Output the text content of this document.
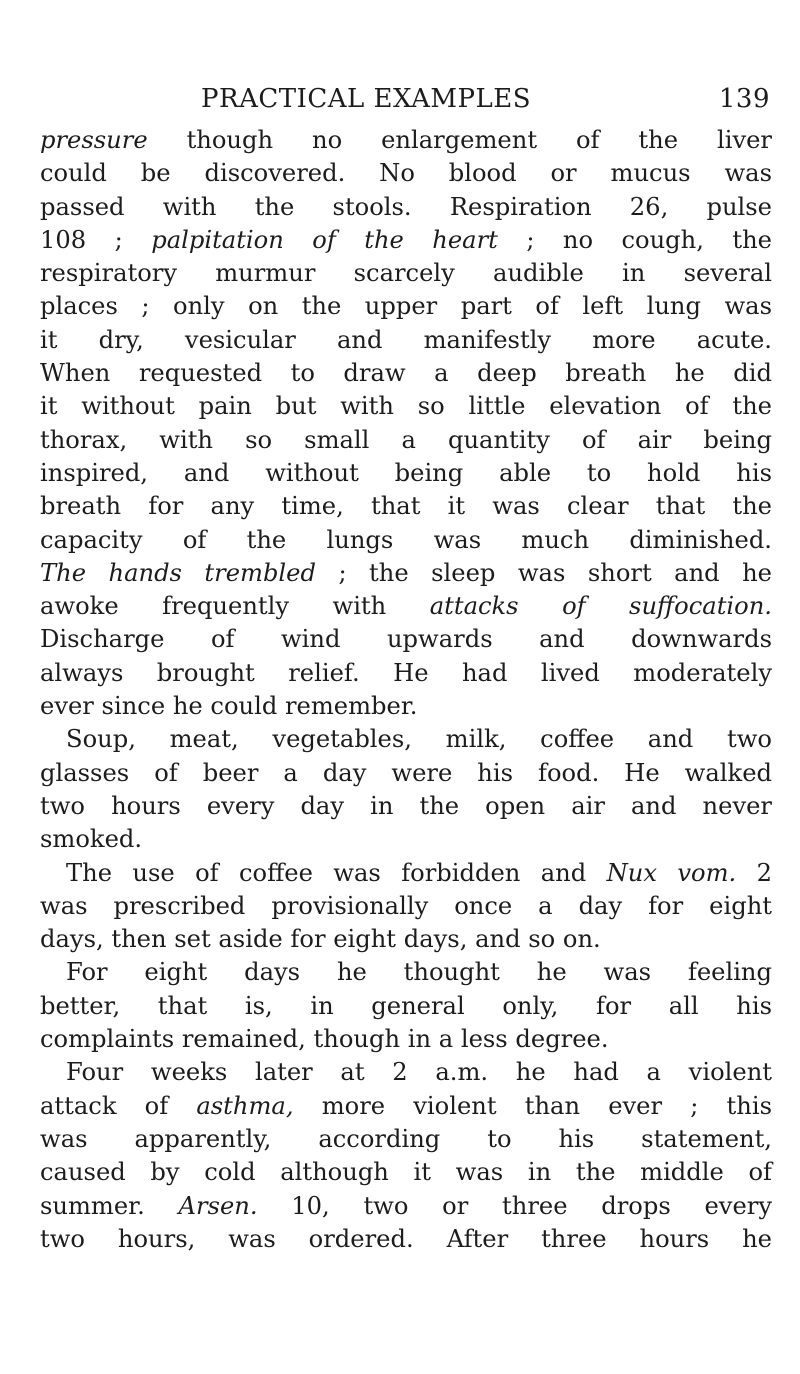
PRACTICAL EXAMPLES	139
pressure though no enlargement of the liver
could be discovered. No blood or mucus was
passed with the stools. Respiration 26, pulse
108 ; palpitation of the heart ; no cough, the
respiratory murmur scarcely audible in several
places ; only on the upper part of left lung was
it dry, vesicular and manifestly more acute.
When requested to draw a deep breath he did
it without pain but with so little elevation of the
thorax, with so small a quantity of air being
inspired, and without being able to hold his
breath for any time, that it was clear that the
capacity of the lungs was much diminished.
The hands trembled ; the sleep was short and he
awoke frequently with attacks of suffocation.
Discharge of wind upwards and downwards
always brought relief. He had lived moderately
ever since he could remember.
Soup, meat, vegetables, milk, coffee and two
glasses of beer a day were his food. He walked
two hours every day in the open air and never
smoked.
The use of coffee was forbidden and Nux vom. 2
was prescribed provisionally once a day for eight
days, then set aside for eight days, and so on.
For eight days he thought he was feeling
better, that is, in general only, for all his
complaints remained, though in a less degree.
Four weeks later at 2 a.m. he had a violent
attack of asthma, more violent than ever ; this
was apparently, according to his statement,
caused by cold although it was in the middle of
summer. Arsen. 10, two or three drops every
two hours, was ordered. After three hours he
